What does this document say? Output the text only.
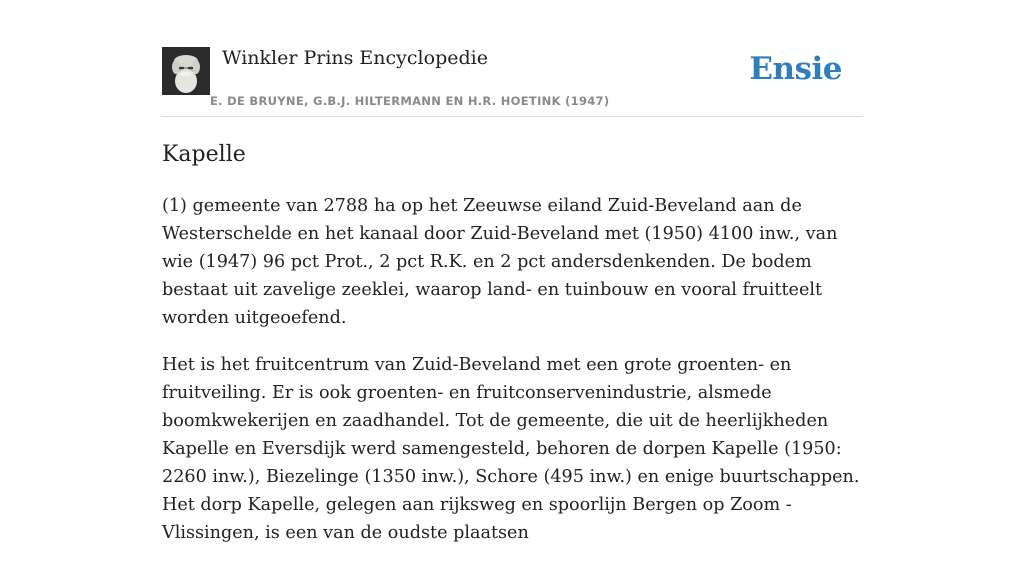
Winkler Prins Encyclopedie
E. DE BRUYNE, G.B.J. HILTERMANN EN H.R. HOETINK (1947)
Ensie
Kapelle

(1) gemeente van 2788 ha op het Zeeuwse eiland Zuid-Beveland aan de Westerschelde en het kanaal door Zuid-Beveland met (1950) 4100 inw., van wie (1947) 96 pct Prot., 2 pct R.K. en 2 pct andersdenkenden. De bodem bestaat uit zavelige zeeklei, waarop land- en tuinbouw en vooral fruitteelt worden uitgeoefend.

Het is het fruitcentrum van Zuid-Beveland met een grote groenten- en fruitveiling. Er is ook groenten- en fruitconservenindustrie, alsmede boomkwekerijen en zaadhandel. Tot de gemeente, die uit de heerlijkheden Kapelle en Eversdijk werd samengesteld, behoren de dorpen Kapelle (1950: 2260 inw.), Biezelinge (1350 inw.), Schore (495 inw.) en enige buurtschappen. Het dorp Kapelle, gelegen aan rijksweg en spoorlijn Bergen op Zoom - Vlissingen, is een van de oudste plaatsen
